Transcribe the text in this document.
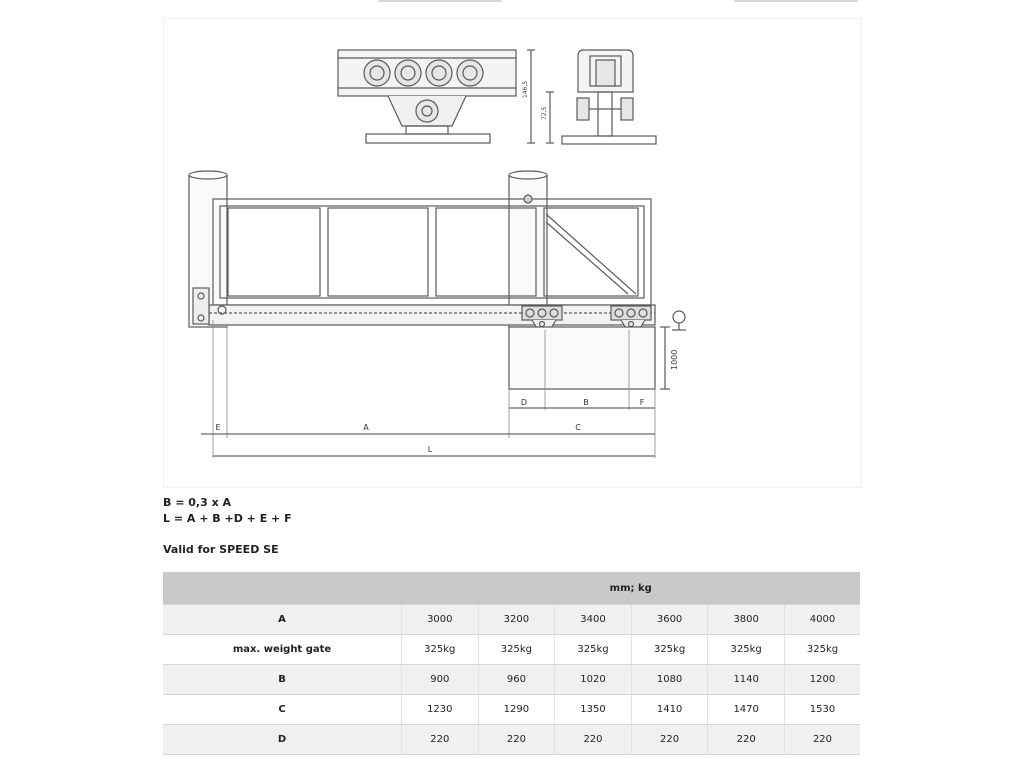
146,5
72,5
1000
D	B	F
E	A	C
L
B = 0,3 x A
L = A + B +D + E + F
Valid for SPEED SE
	mm; kg					
A	3000	3200	3400	3600	3800	4000
max. weight gate	325kg	325kg	325kg	325kg	325kg	325kg
B	900	960	1020	1080	1140	1200
C	1230	1290	1350	1410	1470	1530
D	220	220	220	220	220	220
